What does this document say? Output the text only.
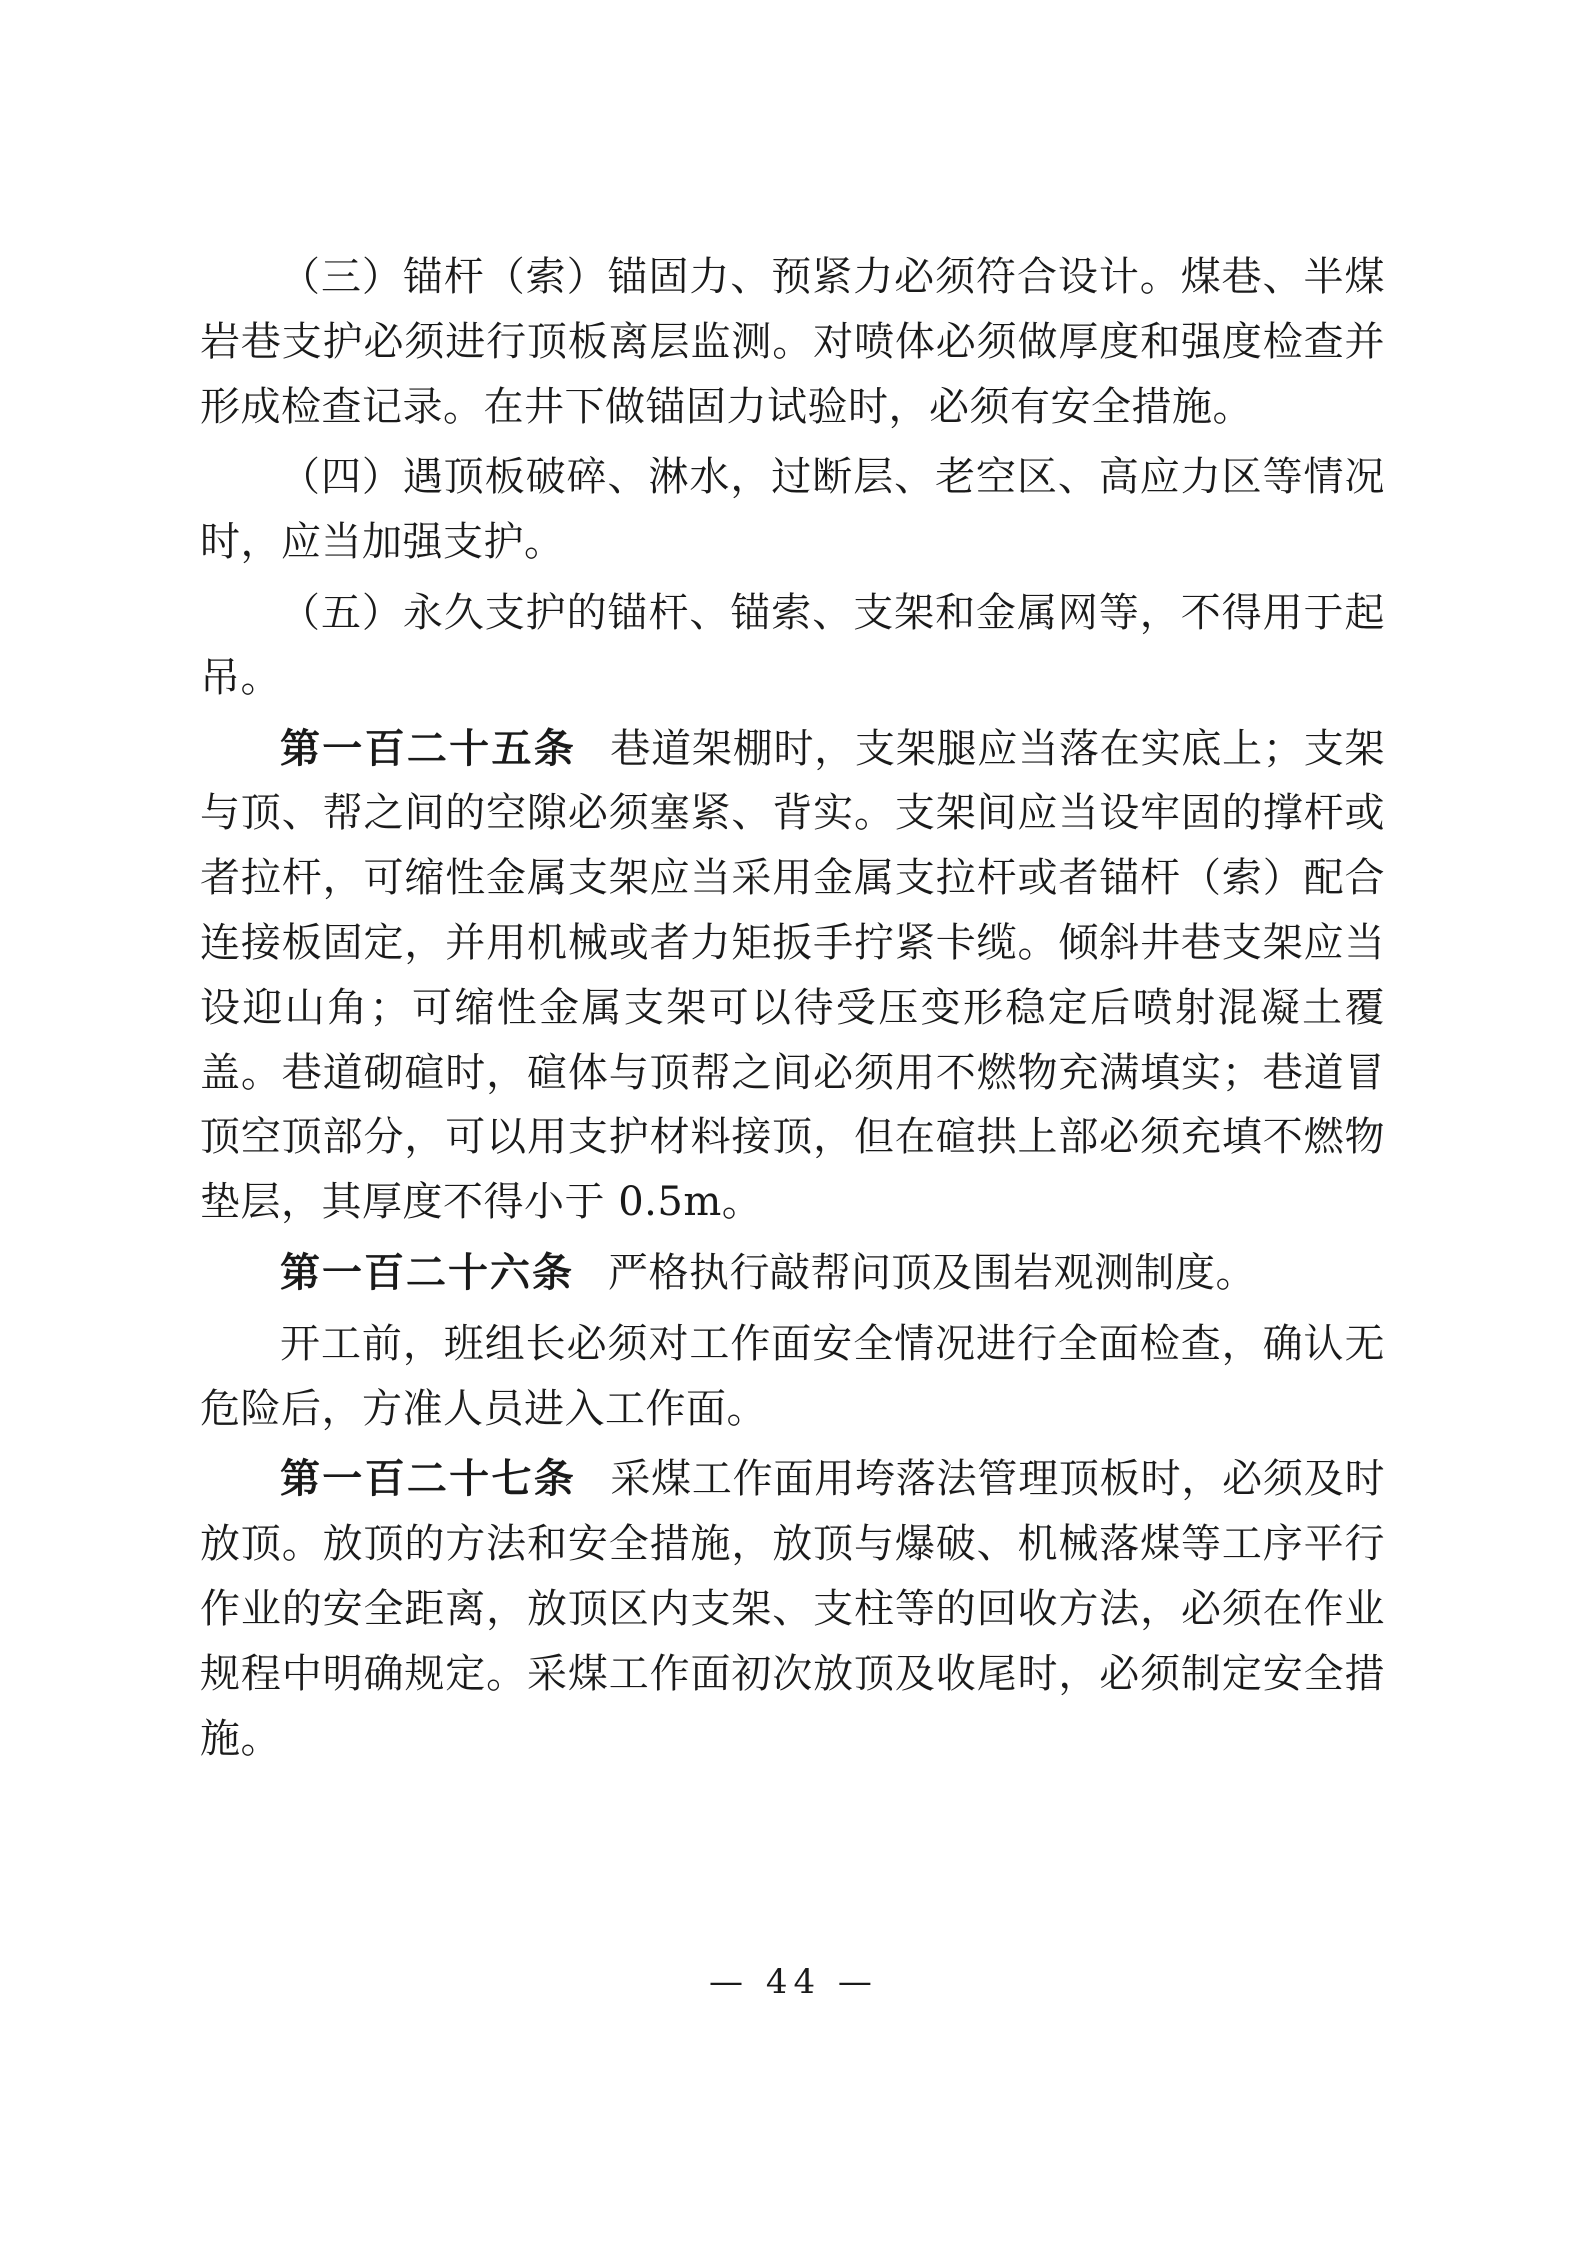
（三）锚杆（索）锚固力、预紧力必须符合设计。煤巷、半煤岩巷支护必须进行顶板离层监测。对喷体必须做厚度和强度检查并形成检查记录。在井下做锚固力试验时，必须有安全措施。

（四）遇顶板破碎、淋水，过断层、老空区、高应力区等情况时，应当加强支护。

（五）永久支护的锚杆、锚索、支架和金属网等，不得用于起吊。

第一百二十五条 巷道架棚时，支架腿应当落在实底上；支架与顶、帮之间的空隙必须塞紧、背实。支架间应当设牢固的撑杆或者拉杆，可缩性金属支架应当采用金属支拉杆或者锚杆（索）配合连接板固定，并用机械或者力矩扳手拧紧卡缆。倾斜井巷支架应当设迎山角；可缩性金属支架可以待受压变形稳定后喷射混凝土覆盖。巷道砌碹时，碹体与顶帮之间必须用不燃物充满填实；巷道冒顶空顶部分，可以用支护材料接顶，但在碹拱上部必须充填不燃物垫层，其厚度不得小于 0.5m。

第一百二十六条 严格执行敲帮问顶及围岩观测制度。

开工前，班组长必须对工作面安全情况进行全面检查，确认无危险后，方准人员进入工作面。

第一百二十七条 采煤工作面用垮落法管理顶板时，必须及时放顶。放顶的方法和安全措施，放顶与爆破、机械落煤等工序平行作业的安全距离，放顶区内支架、支柱等的回收方法，必须在作业规程中明确规定。采煤工作面初次放顶及收尾时，必须制定安全措施。

— 44 —
